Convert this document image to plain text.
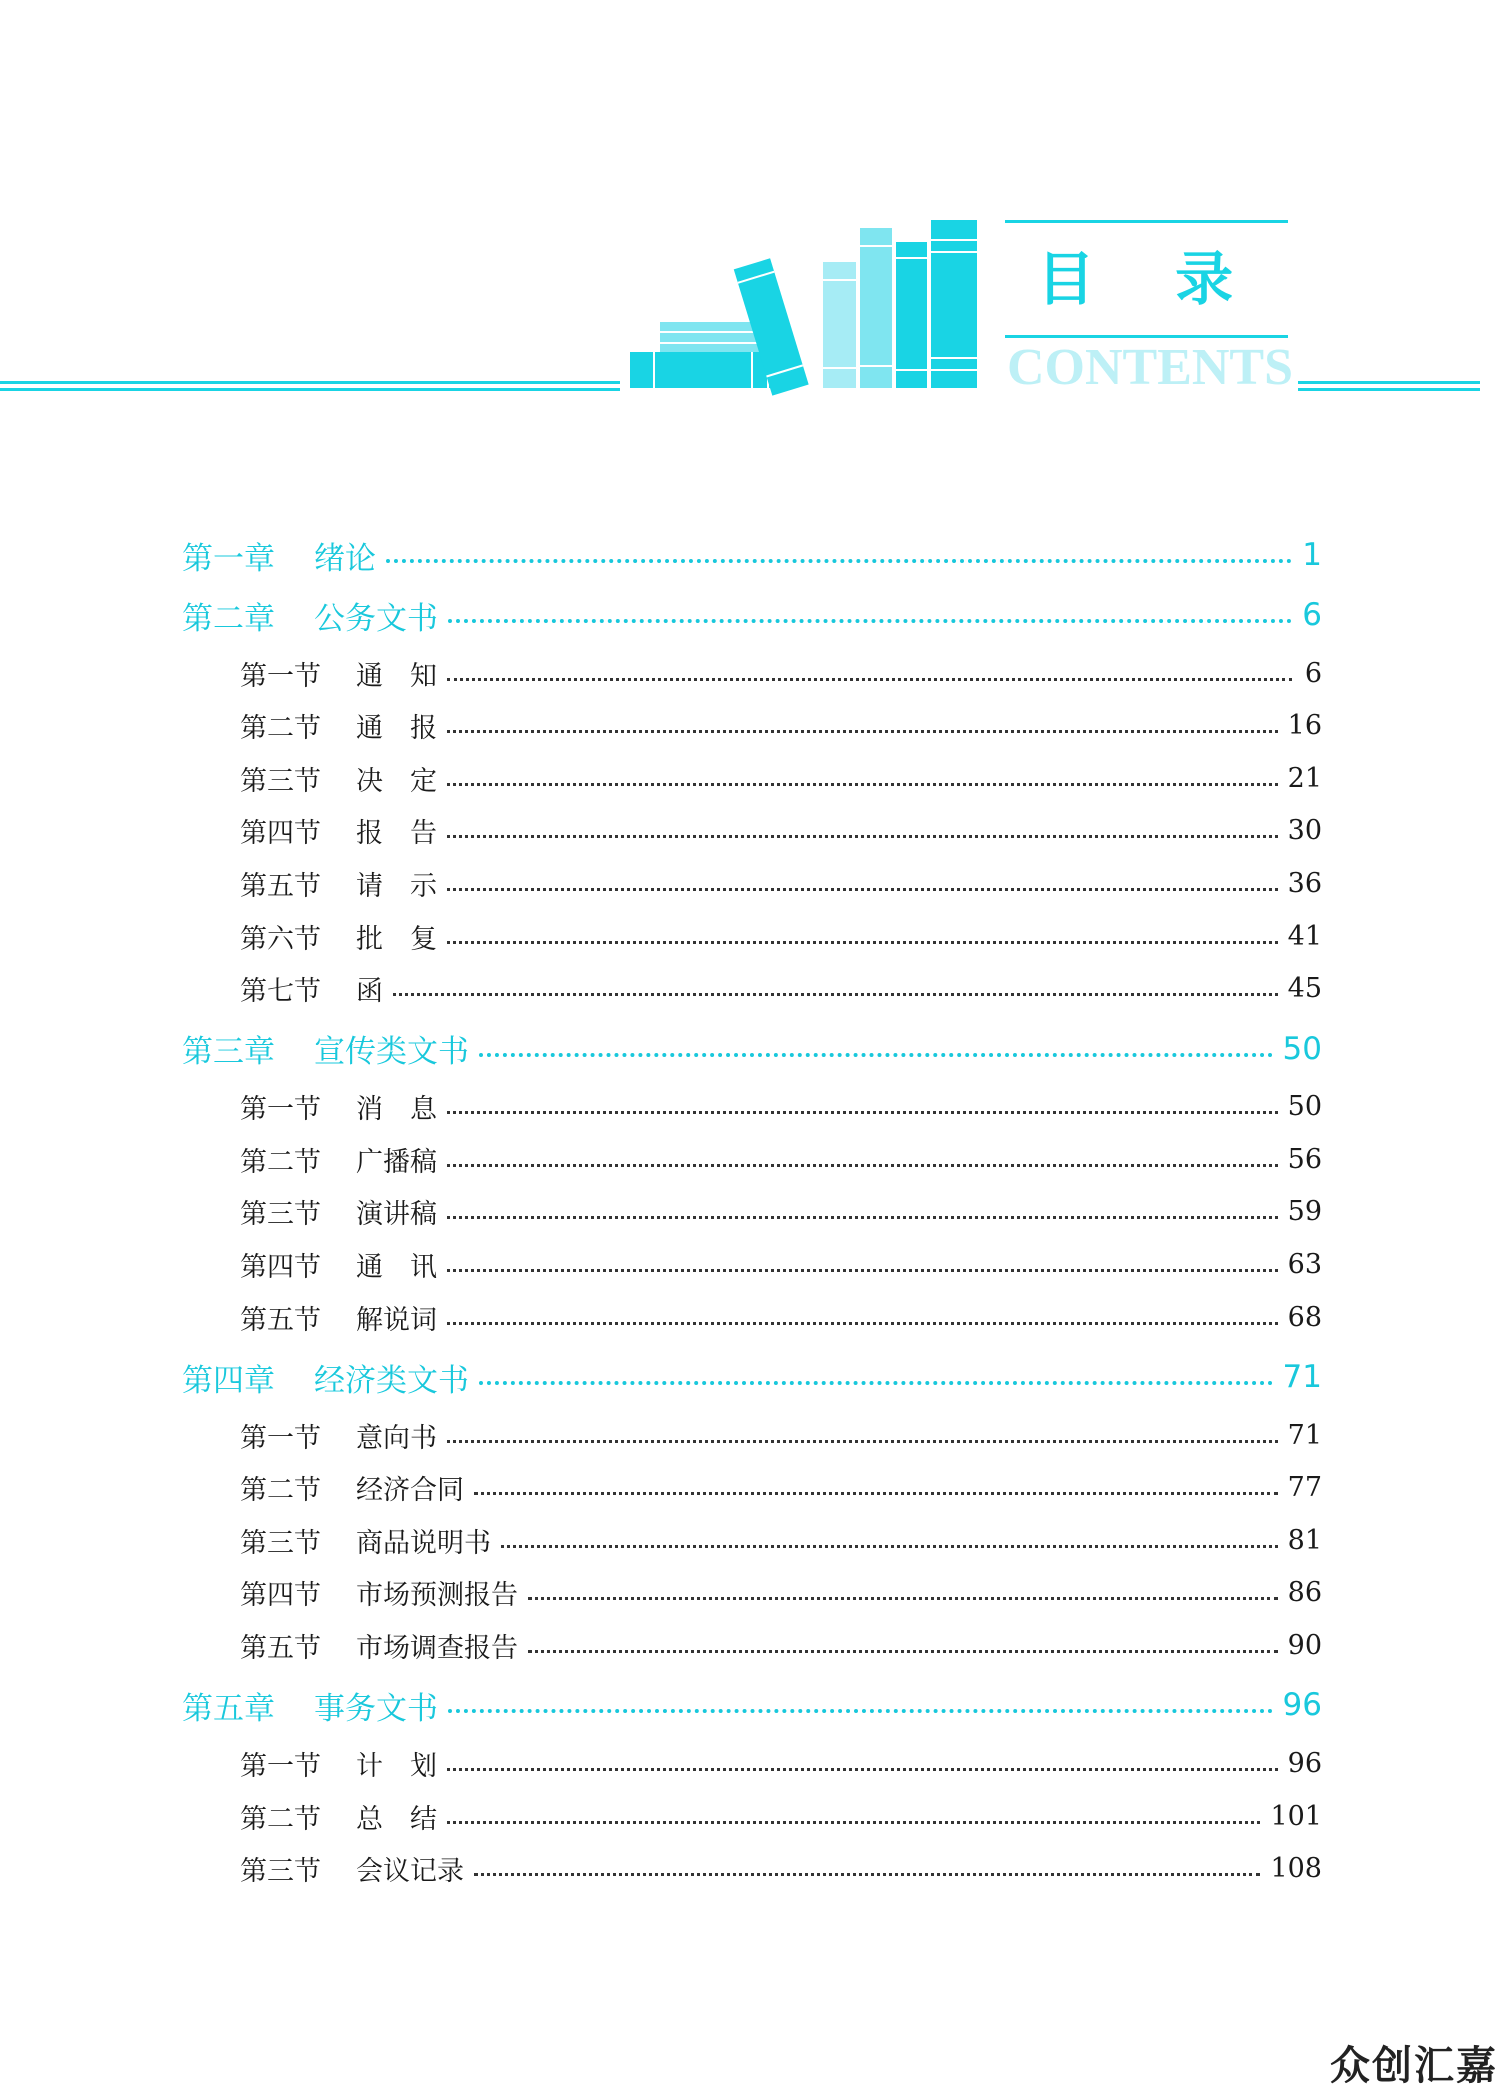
目 录
CONTENTS
第一章	绪论	1
第二章	公务文书	6
第一节	通　知	6
第二节	通　报	16
第三节	决　定	21
第四节	报　告	30
第五节	请　示	36
第六节	批　复	41
第七节	函	45
第三章	宣传类文书	50
第一节	消　息	50
第二节	广播稿	56
第三节	演讲稿	59
第四节	通　讯	63
第五节	解说词	68
第四章	经济类文书	71
第一节	意向书	71
第二节	经济合同	77
第三节	商品说明书	81
第四节	市场预测报告	86
第五节	市场调查报告	90
第五章	事务文书	96
第一节	计　划	96
第二节	总　结	101
第三节	会议记录	108
众创汇嘉
